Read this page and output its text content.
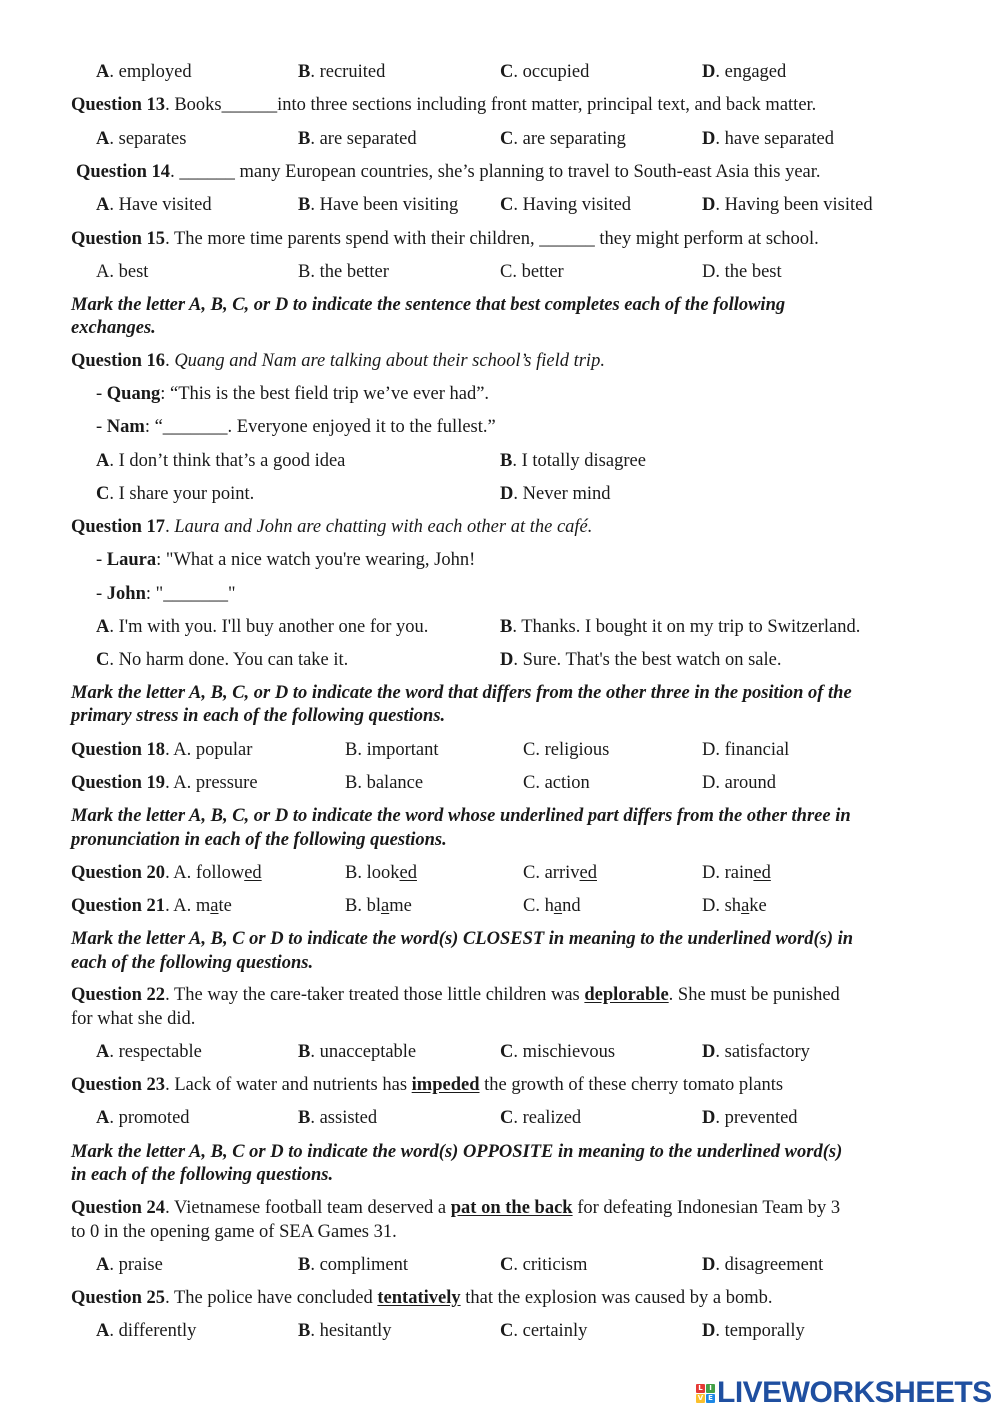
A. employed	B. recruited	C. occupied	D. engaged
Question 13. Books______into three sections including front matter, principal text, and back matter.
A. separates	B. are separated	C. are separating	D. have separated
Question 14. ______ many European countries, she’s planning to travel to South-east Asia this year.
A. Have visited	B. Have been visiting C. Having visited	D. Having been visited
Question 15. The more time parents spend with their children, ______ they might perform at school.
A. best	B. the better	C. better	D. the best
Mark the letter A, B, C, or D to indicate the sentence that best completes each of the following
exchanges.
Question 16. Quang and Nam are talking about their school’s field trip.
- Quang: “This is the best field trip we’ve ever had”.
- Nam: “_______. Everyone enjoyed it to the fullest.”
A. I don’t think that’s a good idea	B. I totally disagree
C. I share your point.	D. Never mind
Question 17. Laura and John are chatting with each other at the café.
- Laura: "What a nice watch you're wearing, John!
- John: "_______"
A. I'm with you. I'll buy another one for you.	B. Thanks. I bought it on my trip to Switzerland.
C. No harm done. You can take it.	D. Sure. That's the best watch on sale.
Mark the letter A, B, C, or D to indicate the word that differs from the other three in the position of the
primary stress in each of the following questions.
Question 18. A. popular	B. important	C. religious	D. financial
Question 19. A. pressure	B. balance	C. action	D. around
Mark the letter A, B, C, or D to indicate the word whose underlined part differs from the other three in
pronunciation in each of the following questions.
Question 20. A. followed	B. looked	C. arrived	D. rained
Question 21. A. mate	B. blame	C. hand	D. shake
Mark the letter A, B, C or D to indicate the word(s) CLOSEST in meaning to the underlined word(s) in
each of the following questions.
Question 22. The way the care-taker treated those little children was deplorable. She must be punished
for what she did.
A. respectable	B. unacceptable	C. mischievous	D. satisfactory
Question 23. Lack of water and nutrients has impeded the growth of these cherry tomato plants
A. promoted	B. assisted	C. realized	D. prevented
Mark the letter A, B, C or D to indicate the word(s) OPPOSITE in meaning to the underlined word(s)
in each of the following questions.
Question 24. Vietnamese football team deserved a pat on the back for defeating Indonesian Team by 3
to 0 in the opening game of SEA Games 31.
A. praise	B. compliment	C. criticism	D. disagreement
Question 25. The police have concluded tentatively that the explosion was caused by a bomb.
A. differently	B. hesitantly	C. certainly	D. temporally
L I
V E LIVEWORKSHEETS
